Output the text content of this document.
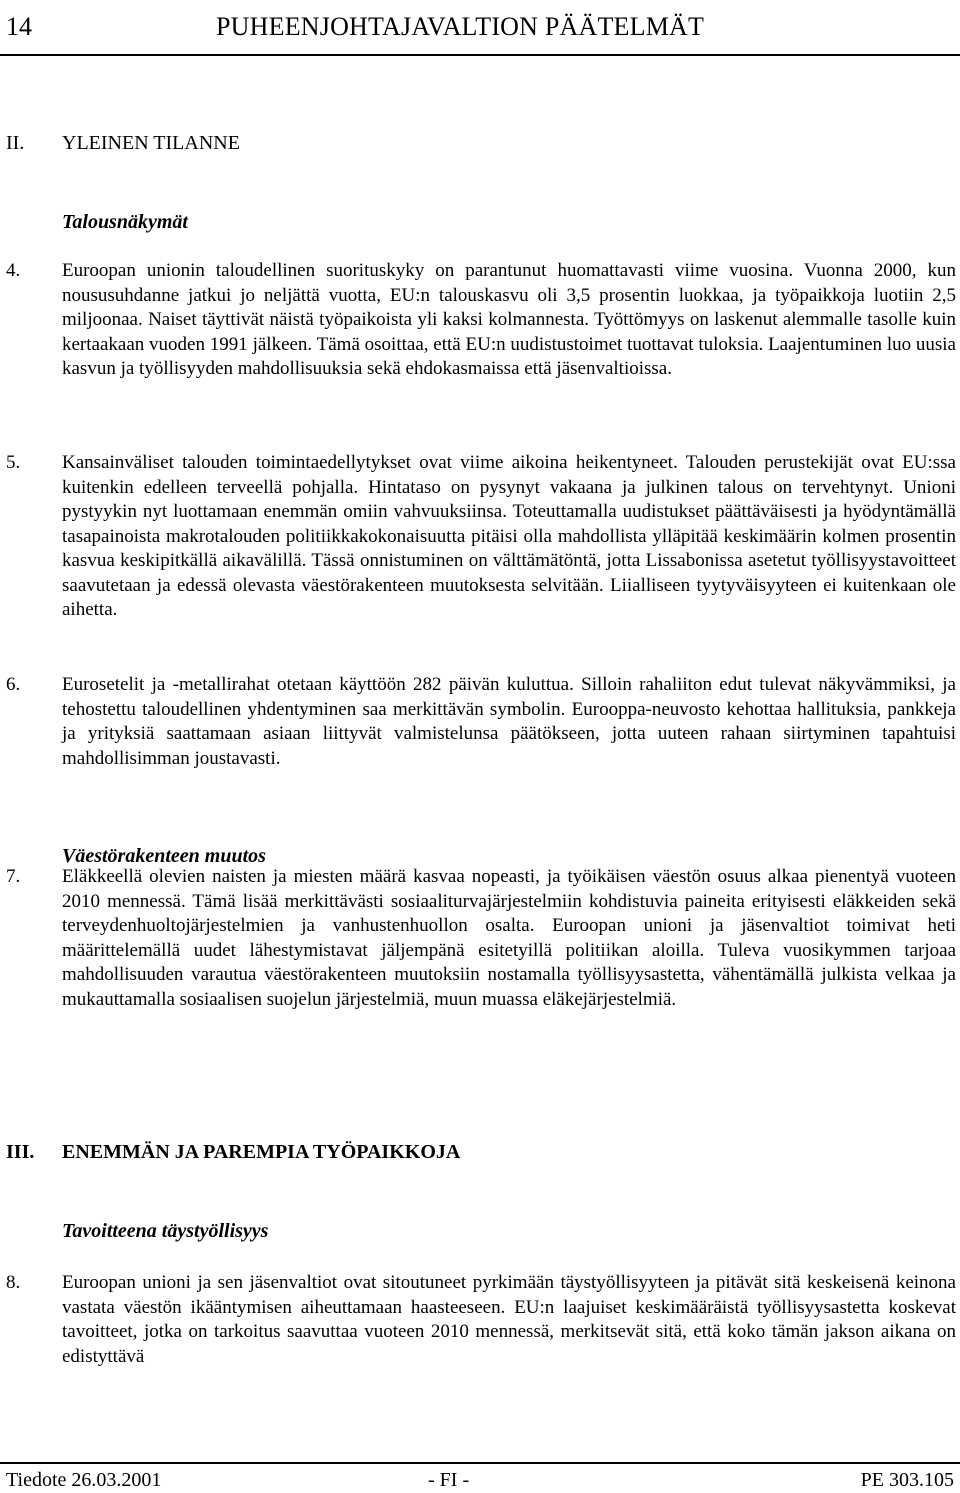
14	PUHEENJOHTAJAVALTION PÄÄTELMÄT
II. YLEINEN TILANNE
Talousnäkymät
4. Euroopan unionin taloudellinen suorituskyky on parantunut huomattavasti viime vuosina. Vuonna 2000, kun noususuhdanne jatkui jo neljättä vuotta, EU:n talouskasvu oli 3,5 prosentin luokkaa, ja työpaikkoja luotiin 2,5 miljoonaa. Naiset täyttivät näistä työpaikoista yli kaksi kolmannesta. Työttömyys on laskenut alemmalle tasolle kuin kertaakaan vuoden 1991 jälkeen. Tämä osoittaa, että EU:n uudistustoimet tuottavat tuloksia. Laajentuminen luo uusia kasvun ja työllisyyden mahdollisuuksia sekä ehdokasmaissa että jäsenvaltioissa.
5. Kansainväliset talouden toimintaedellytykset ovat viime aikoina heikentyneet. Talouden perustekijät ovat EU:ssa kuitenkin edelleen terveellä pohjalla. Hintataso on pysynyt vakaana ja julkinen talous on tervehtynyt. Unioni pystyykin nyt luottamaan enemmän omiin vahvuuksiinsa. Toteuttamalla uudistukset päättäväisesti ja hyödyntämällä tasapainoista makrotalouden politiikkakokonaisuutta pitäisi olla mahdollista ylläpitää keskimäärin kolmen prosentin kasvua keskipitkällä aikavälillä. Tässä onnistuminen on välttämätöntä, jotta Lissabonissa asetetut työllisyystavoitteet saavutetaan ja edessä olevasta väestörakenteen muutoksesta selvitään. Liialliseen tyytyväisyyteen ei kuitenkaan ole aihetta.
6. Eurosetelit ja -metallirahat otetaan käyttöön 282 päivän kuluttua. Silloin rahaliiton edut tulevat näkyvämmiksi, ja tehostettu taloudellinen yhdentyminen saa merkittävän symbolin. Eurooppa-neuvosto kehottaa hallituksia, pankkeja ja yrityksiä saattamaan asiaan liittyvät valmistelunsa päätökseen, jotta uuteen rahaan siirtyminen tapahtuisi mahdollisimman joustavasti.
Väestörakenteen muutos
7. Eläkkeellä olevien naisten ja miesten määrä kasvaa nopeasti, ja työikäisen väestön osuus alkaa pienentyä vuoteen 2010 mennessä. Tämä lisää merkittävästi sosiaaliturvajärjestelmiin kohdistuvia paineita erityisesti eläkkeiden sekä terveydenhuoltojärjestelmien ja vanhustenhuollon osalta. Euroopan unioni ja jäsenvaltiot toimivat heti määrittelemällä uudet lähestymistavat jäljempänä esitetyillä politiikan aloilla. Tuleva vuosikymmen tarjoaa mahdollisuuden varautua väestörakenteen muutoksiin nostamalla työllisyysastetta, vähentämällä julkista velkaa ja mukauttamalla sosiaalisen suojelun järjestelmiä, muun muassa eläkejärjestelmiä.
III. ENEMMÄN JA PAREMPIA TYÖPAIKKOJA
Tavoitteena täystyöllisyys
8. Euroopan unioni ja sen jäsenvaltiot ovat sitoutuneet pyrkimään täystyöllisyyteen ja pitävät sitä keskeisenä keinona vastata väestön ikääntymisen aiheuttamaan haasteeseen. EU:n laajuiset keskimääräistä työllisyysastetta koskevat tavoitteet, jotka on tarkoitus saavuttaa vuoteen 2010 mennessä, merkitsevät sitä, että koko tämän jakson aikana on edistyttävä
Tiedote 26.03.2001	- FI -	PE 303.105
